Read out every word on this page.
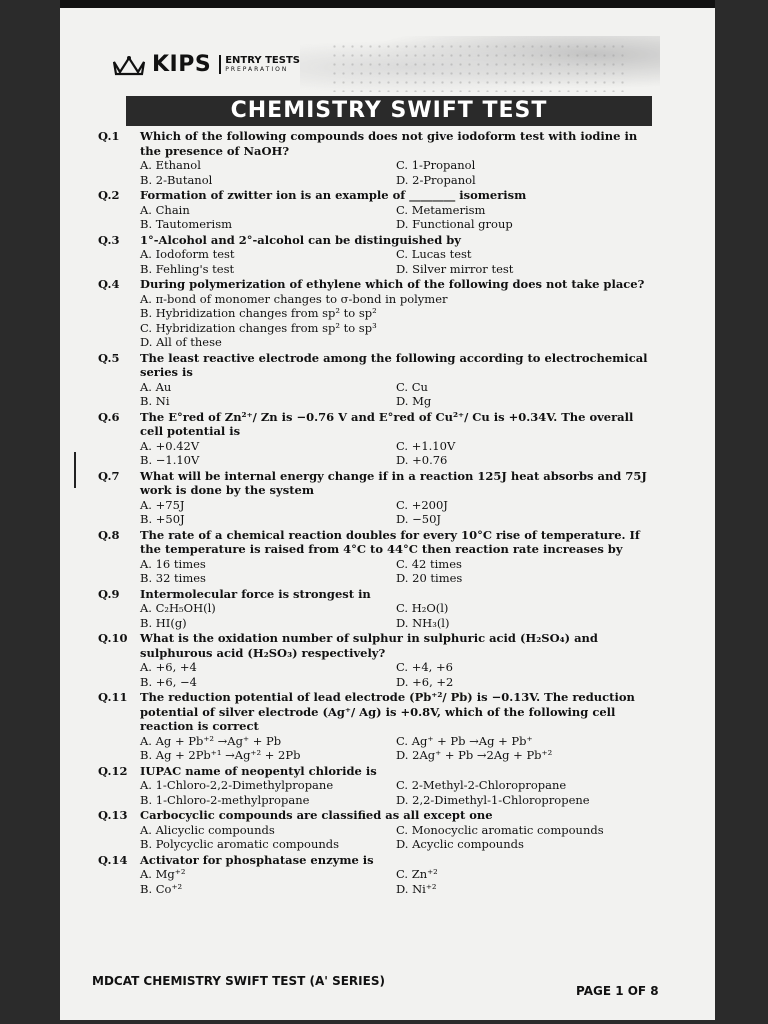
KIPS ENTRY TESTS
PREPARATION
CHEMISTRY SWIFT TEST
Q.1	Which of the following compounds does not give iodoform test with iodine in the presence of NaOH?
A. Ethanol	C. 1-Propanol
B. 2-Butanol	D. 2-Propanol
Q.2	Formation of zwitter ion is an example of ________ isomerism
A. Chain	C. Metamerism
B. Tautomerism	D. Functional group
Q.3	1°-Alcohol and 2°-alcohol can be distinguished by
A. Iodoform test	C. Lucas test
B. Fehling's test	D. Silver mirror test
Q.4	During polymerization of ethylene which of the following does not take place?
A. π-bond of monomer changes to σ-bond in polymer
B. Hybridization changes from sp² to sp²
C. Hybridization changes from sp² to sp³
D. All of these
Q.5	The least reactive electrode among the following according to electrochemical series is
A. Au	C. Cu
B. Ni	D. Mg
Q.6	The E°red of Zn²⁺/ Zn is −0.76 V and E°red of Cu²⁺/ Cu is +0.34V. The overall cell potential is
A. +0.42V	C. +1.10V
B. −1.10V	D. +0.76
Q.7	What will be internal energy change if in a reaction 125J heat absorbs and 75J work is done by the system
A. +75J	C. +200J
B. +50J	D. −50J
Q.8	The rate of a chemical reaction doubles for every 10°C rise of temperature. If the temperature is raised from 4°C to 44°C then reaction rate increases by
A. 16 times	C. 42 times
B. 32 times	D. 20 times
Q.9	Intermolecular force is strongest in
A. C₂H₅OH(l)	C. H₂O(l)
B. HI(g)	D. NH₃(l)
Q.10	What is the oxidation number of sulphur in sulphuric acid (H₂SO₄) and sulphurous acid (H₂SO₃) respectively?
A. +6, +4	C. +4, +6
B. +6, −4	D. +6, +2
Q.11	The reduction potential of lead electrode (Pb⁺²/ Pb) is −0.13V. The reduction potential of silver electrode (Ag⁺/ Ag) is +0.8V, which of the following cell reaction is correct
A. Ag + Pb⁺² →Ag⁺ + Pb	C. Ag⁺ + Pb →Ag + Pb⁺
B. Ag + 2Pb⁺¹ →Ag⁺² + 2Pb	D. 2Ag⁺ + Pb →2Ag + Pb⁺²
Q.12	IUPAC name of neopentyl chloride is
A. 1-Chloro-2,2-Dimethylpropane	C. 2-Methyl-2-Chloropropane
B. 1-Chloro-2-methylpropane	D. 2,2-Dimethyl-1-Chloropropene
Q.13	Carbocyclic compounds are classified as all except one
A. Alicyclic compounds	C. Monocyclic aromatic compounds
B. Polycyclic aromatic compounds	D. Acyclic compounds
Q.14	Activator for phosphatase enzyme is
A. Mg⁺²	C. Zn⁺²
B. Co⁺²	D. Ni⁺²
MDCAT CHEMISTRY SWIFT TEST (A' SERIES)
PAGE 1 OF 8
